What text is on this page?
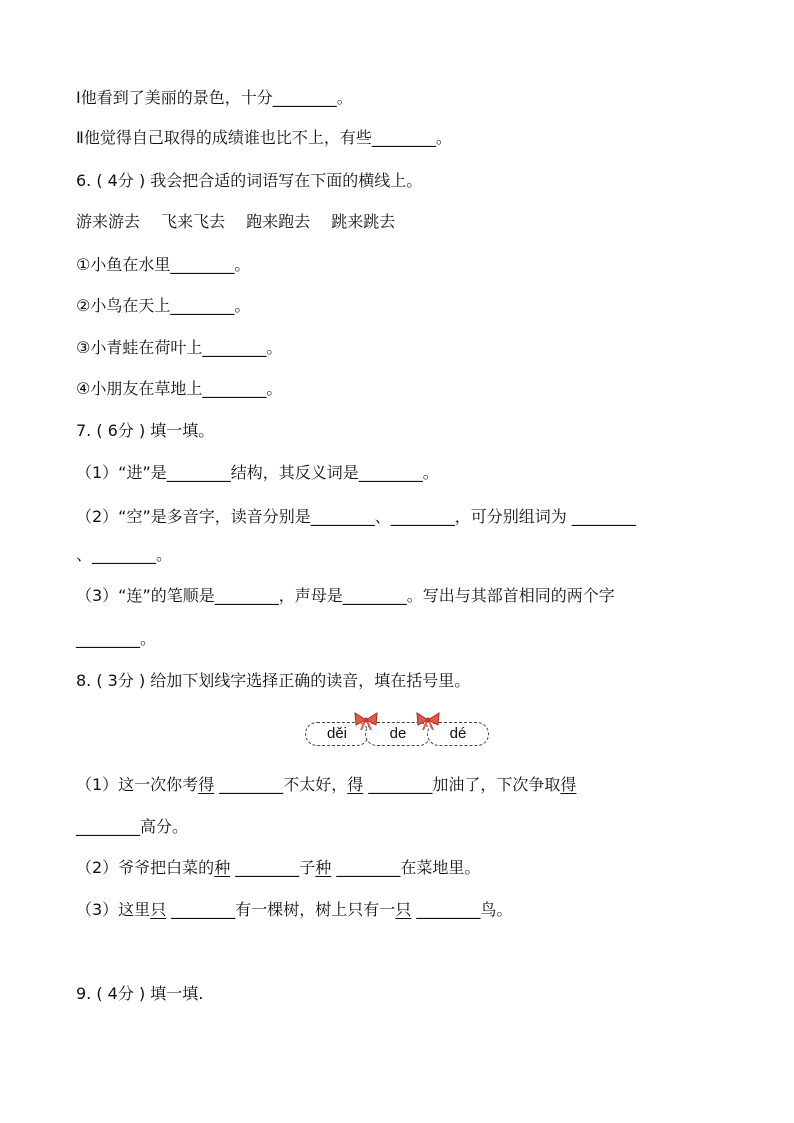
Ⅰ他看到了美丽的景色，十分________。
Ⅱ他觉得自己取得的成绩谁也比不上，有些________。
6. ( 4分 ) 我会把合适的词语写在下面的横线上。
游来游去　 飞来飞去　 跑来跑去　 跳来跳去
①小鱼在水里________。
②小鸟在天上________。
③小青蛙在荷叶上________。
④小朋友在草地上________。
7. ( 6分 ) 填一填。
（1）“进”是________结构，其反义词是________。
（2）“空”是多音字，读音分别是________、________，可分别组词为 ________
、________。
（3）“连”的笔顺是________，声母是________。写出与其部首相同的两个字
________。
8. ( 3分 ) 给加下划线字选择正确的读音，填在括号里。
děi	de	dé
（1）这一次你考得 ________不太好，得 ________加油了，下次争取得
________高分。
（2）爷爷把白菜的种 ________子种 ________在菜地里。
（3）这里只 ________有一棵树，树上只有一只 ________鸟。
9. ( 4分 ) 填一填.
